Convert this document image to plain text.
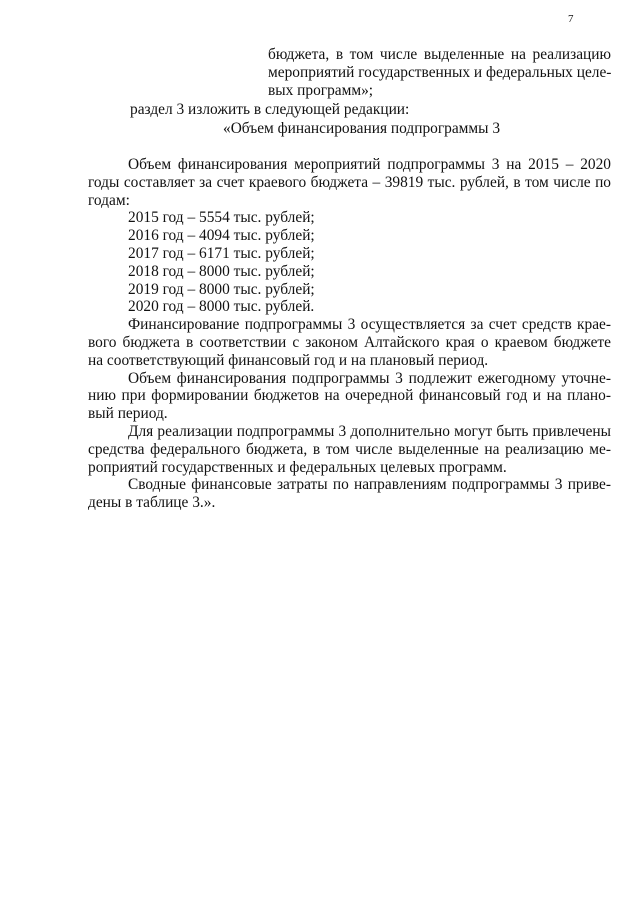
7
бюджета, в том числе выделенные на реализацию
мероприятий государственных и федеральных целе-
вых программ»;
раздел 3 изложить в следующей редакции:
«Объем финансирования подпрограммы 3
Объем финансирования мероприятий подпрограммы 3 на 2015 – 2020
годы составляет за счет краевого бюджета – 39819 тыс. рублей, в том числе по
годам:
2015 год – 5554 тыс. рублей;
2016 год – 4094 тыс. рублей;
2017 год – 6171 тыс. рублей;
2018 год – 8000 тыс. рублей;
2019 год – 8000 тыс. рублей;
2020 год – 8000 тыс. рублей.
Финансирование подпрограммы 3 осуществляется за счет средств крае-
вого бюджета в соответствии с законом Алтайского края о краевом бюджете
на соответствующий финансовый год и на плановый период.
Объем финансирования подпрограммы 3 подлежит ежегодному уточне-
нию при формировании бюджетов на очередной финансовый год и на плано-
вый период.
Для реализации подпрограммы 3 дополнительно могут быть привлечены
средства федерального бюджета, в том числе выделенные на реализацию ме-
роприятий государственных и федеральных целевых программ.
Сводные финансовые затраты по направлениям подпрограммы 3 приве-
дены в таблице 3.».
